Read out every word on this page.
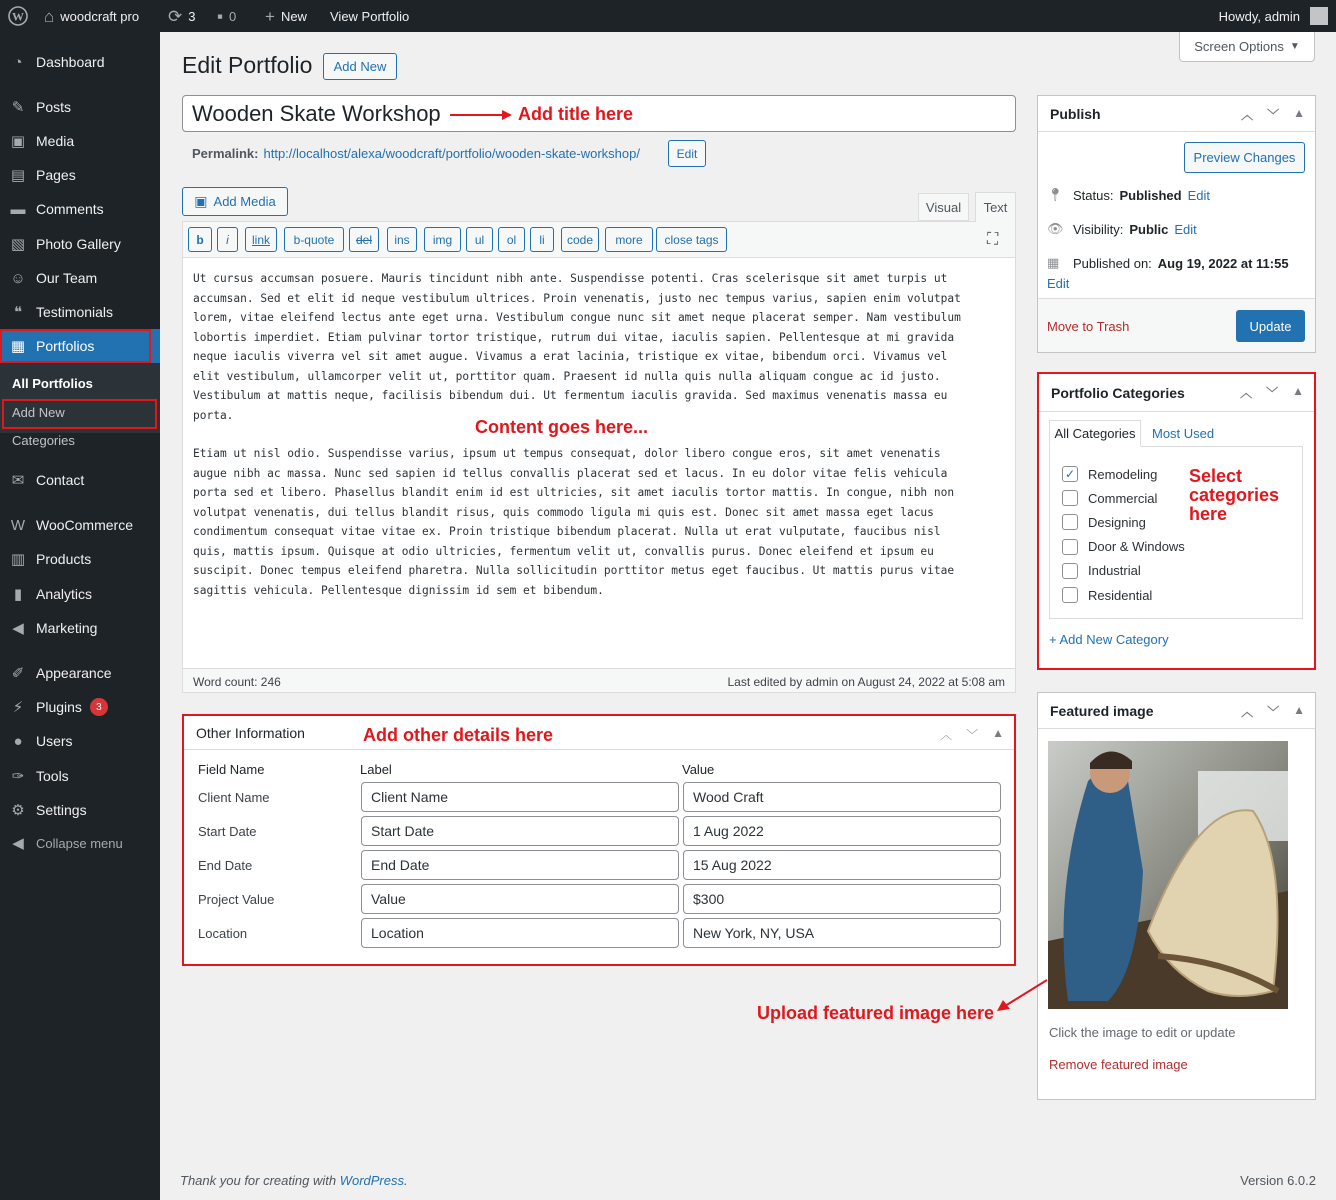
W ⌂ woodcraft pro ⟳ 3 ▪ 0 + New View Portfolio	Howdy, admin
◔ Dashboard
✎ Posts
▣ Media
▤ Pages
▬ Comments
▧ Photo Gallery
☺ Our Team
❝ Testimonials
▦ Portfolios
✉ Contact
W WooCommerce
▥ Products
▮ Analytics
◀ Marketing
✐ Appearance
⚡ Plugins	3
● Users
✑ Tools
⚙ Settings
◀ Collapse menu
All Portfolios
Add New
Categories
Edit Portfolio	Add New
Screen Options ▼
Wooden Skate Workshop	Add title here
Permalink: http://localhost/alexa/woodcraft/portfolio/wooden-skate-workshop/	Edit
▣ Add Media	Visual	Text
b	i	link	b-quote	del	ins	img	ul	ol	li	code	more	close tags	⛶
Ut cursus accumsan posuere. Mauris tincidunt nibh ante. Suspendisse potenti. Cras scelerisque sit amet turpis ut
accumsan. Sed et elit id neque vestibulum ultrices. Proin venenatis, justo nec tempus varius, sapien enim volutpat
lorem, vitae eleifend lectus ante eget urna. Vestibulum congue nunc sit amet neque placerat semper. Nam vestibulum
lobortis imperdiet. Etiam pulvinar tortor tristique, rutrum dui vitae, iaculis sapien. Pellentesque at mi gravida
neque iaculis viverra vel sit amet augue. Vivamus a erat lacinia, tristique ex vitae, bibendum orci. Vivamus vel
elit vestibulum, ullamcorper velit ut, porttitor quam. Praesent id nulla quis nulla aliquam congue ac id justo.
Vestibulum at mattis neque, facilisis bibendum dui. Ut fermentum iaculis gravida. Sed maximus venenatis massa eu
porta.
Content goes here...
Etiam ut nisl odio. Suspendisse varius, ipsum ut tempus consequat, dolor libero congue eros, sit amet venenatis
augue nibh ac massa. Nunc sed sapien id tellus convallis placerat sed et lacus. In eu dolor vitae felis vehicula
porta sed et libero. Phasellus blandit enim id est ultricies, sit amet iaculis tortor mattis. In congue, nibh non
volutpat venenatis, dui tellus blandit risus, quis commodo ligula mi quis est. Donec sit amet massa eget lacus
condimentum consequat vitae vitae ex. Proin tristique bibendum placerat. Nulla ut erat vulputate, faucibus nisl
quis, mattis ipsum. Quisque at odio ultricies, fermentum velit ut, convallis purus. Donec eleifend et ipsum eu
suscipit. Donec tempus eleifend pharetra. Nulla sollicitudin porttitor metus eget faucibus. Ut mattis purus vitae
sagittis vehicula. Pellentesque dignissim id sem et bibendum.
Word count: 246	Last edited by admin on August 24, 2022 at 5:08 am
Other Information	︿ ﹀ ▲
Add other details here
Field Name	Label	Value
Client Name	Client Name	Wood Craft
Start Date	Start Date	1 Aug 2022
End Date	End Date	15 Aug 2022
Project Value	Value	$300
Location	Location	New York, NY, USA
Publish	︿ ﹀ ▲
Preview Changes
📍︎ Status: Published Edit
👁︎ Visibility: Public Edit
▦	Published on: Aug 19, 2022 at 11:55
Edit
Move to Trash	Update
Portfolio Categories	︿ ﹀ ▲
All Categories	Most Used
✓ Remodeling
Commercial
Designing
Door & Windows
Industrial
Residential
Select categories here
+ Add New Category
Featured image	︿ ﹀ ▲
Upload featured image here
Click the image to edit or update
Remove featured image
Thank you for creating with WordPress.	Version 6.0.2
